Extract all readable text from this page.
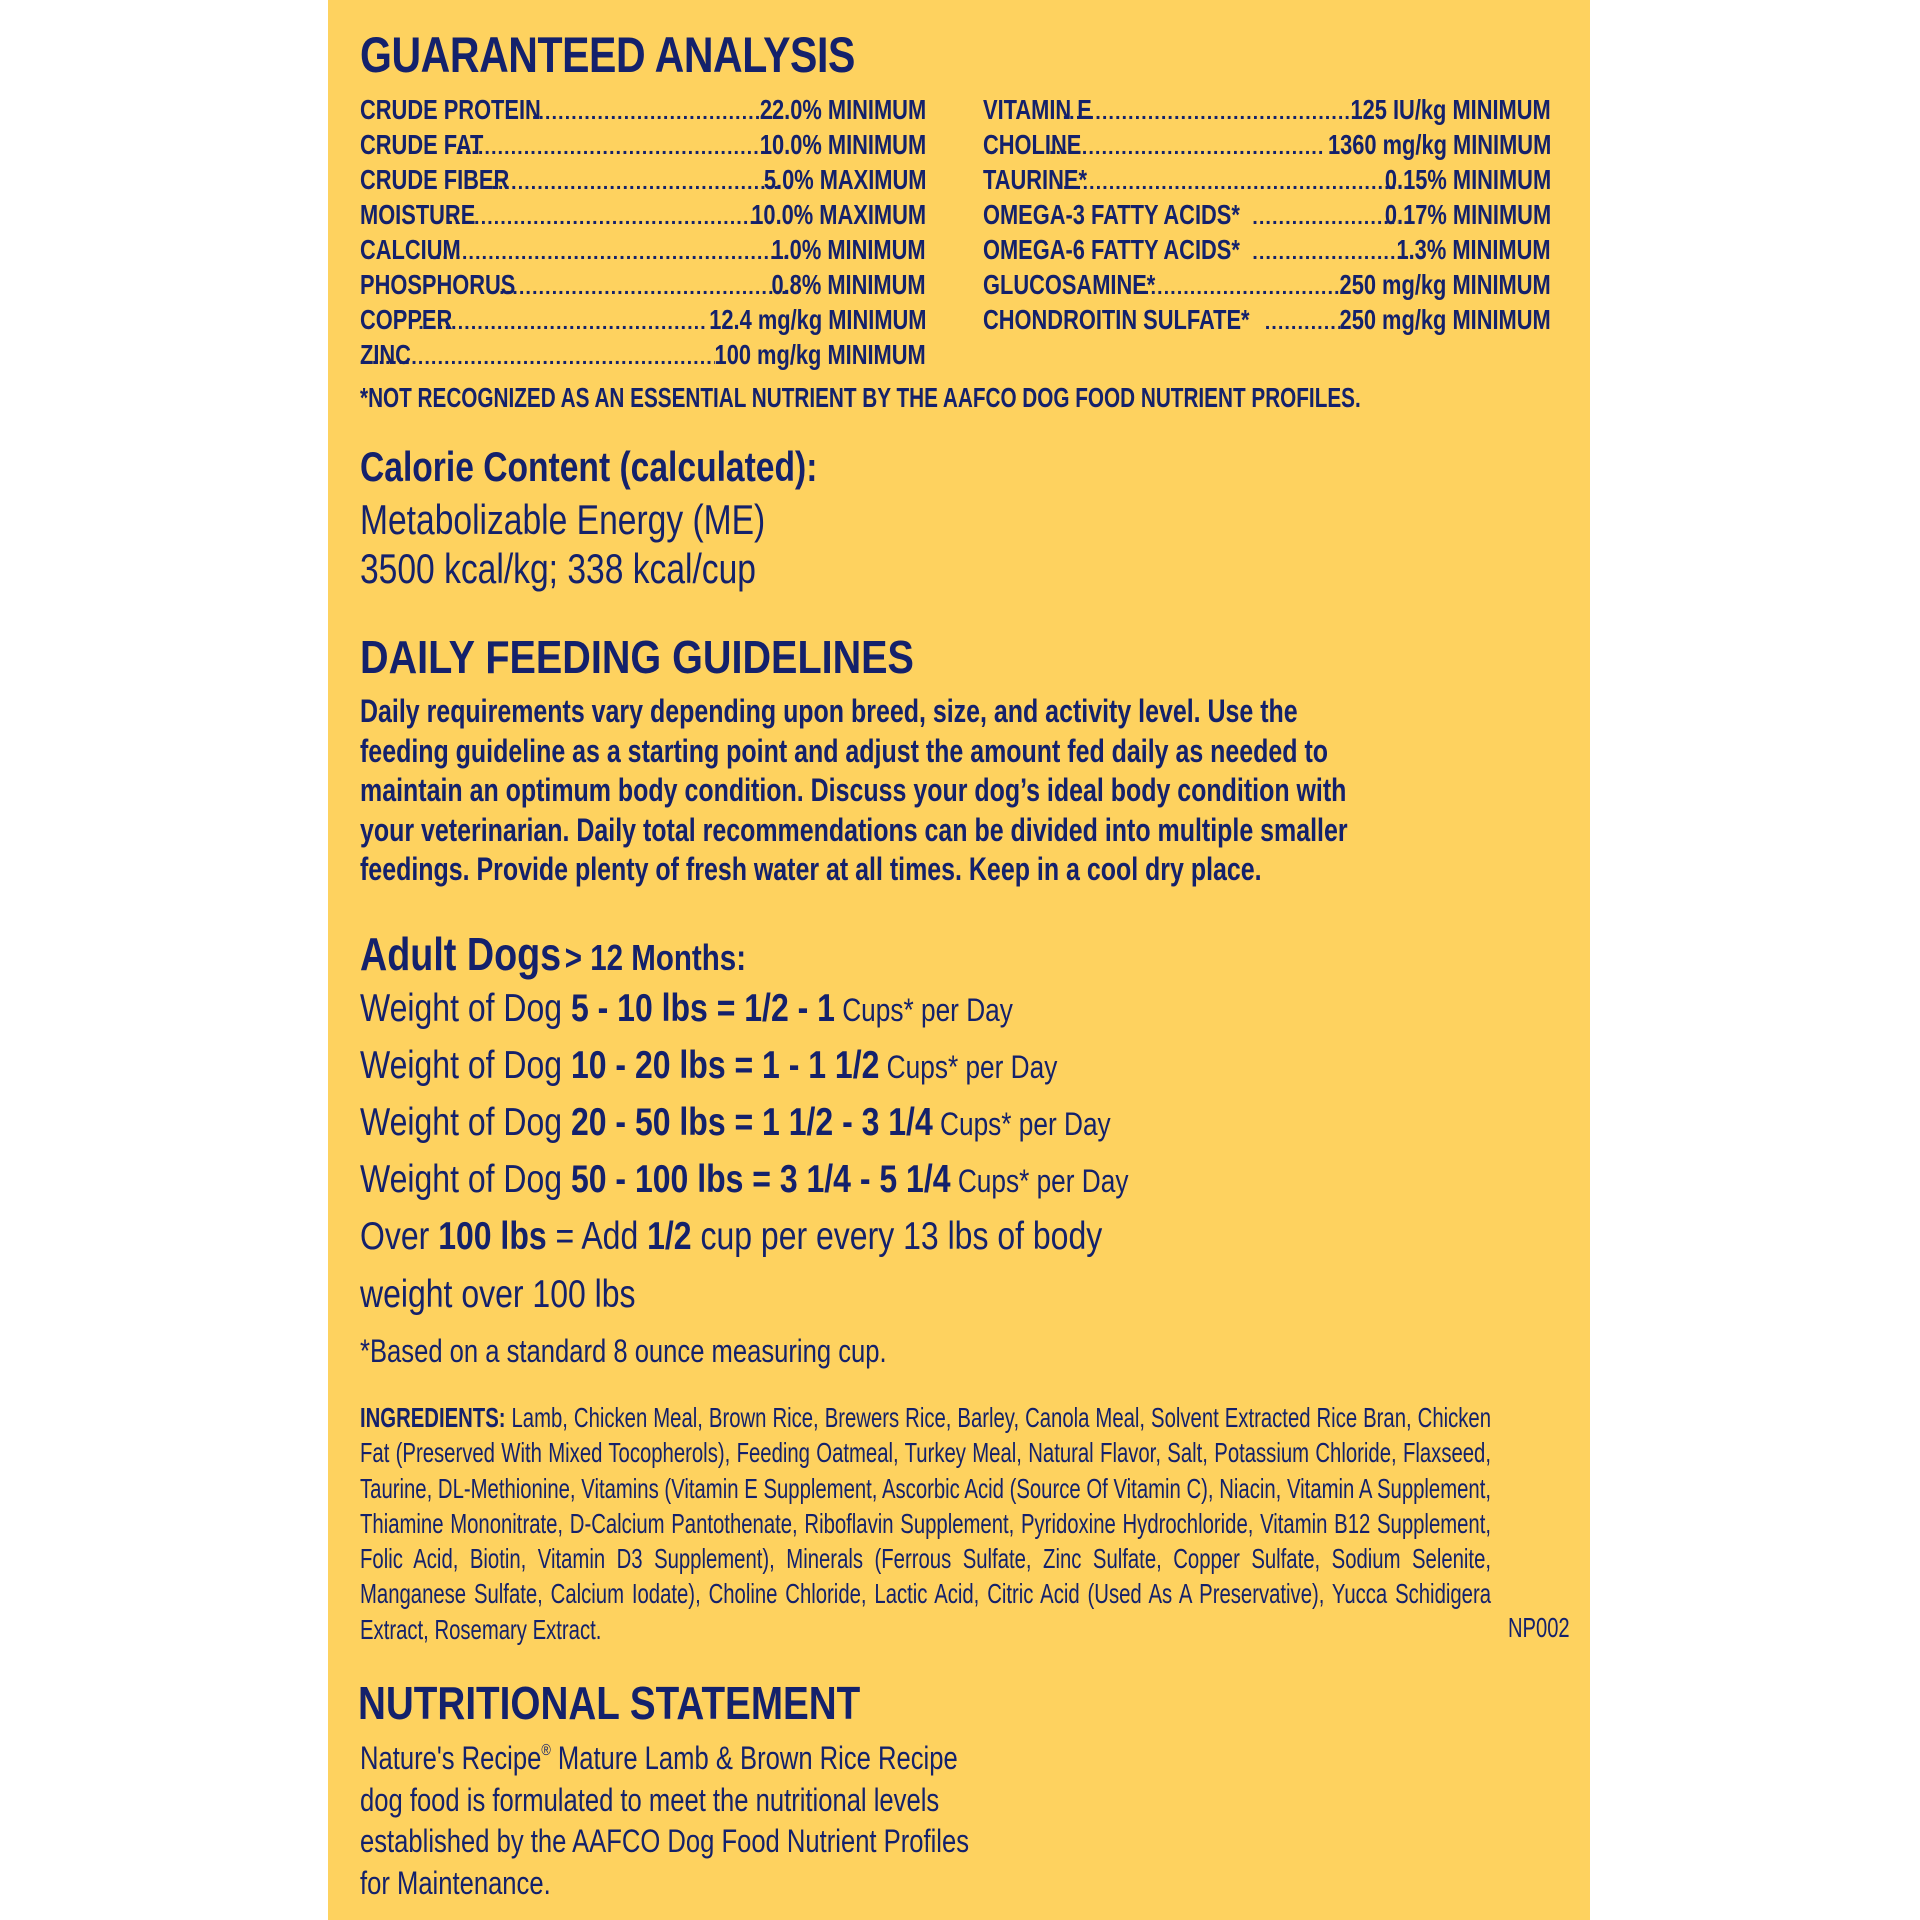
GUARANTEED ANALYSIS
CRUDE PROTEIN .....	22.0% MINIMUM
CRUDE FAT .....	10.0% MINIMUM
CRUDE FIBER .....	5.0% MAXIMUM
MOISTURE .....	10.0% MAXIMUM
CALCIUM .....	1.0% MINIMUM
PHOSPHORUS .....	0.8% MINIMUM
COPPER .....	12.4 mg/kg MINIMUM
ZINC .....	100 mg/kg MINIMUM
VITAMIN E .....	125 IU/kg MINIMUM
CHOLINE .....	1360 mg/kg MINIMUM
TAURINE* .....	0.15% MINIMUM
OMEGA-3 FATTY ACIDS* .....	0.17% MINIMUM
OMEGA-6 FATTY ACIDS* .....	1.3% MINIMUM
GLUCOSAMINE* .....	250 mg/kg MINIMUM
CHONDROITIN SULFATE* .....	250 mg/kg MINIMUM
*NOT RECOGNIZED AS AN ESSENTIAL NUTRIENT BY THE AAFCO DOG FOOD NUTRIENT PROFILES.
Calorie Content (calculated):
Metabolizable Energy (ME)
3500 kcal/kg; 338 kcal/cup
DAILY FEEDING GUIDELINES
Daily requirements vary depending upon breed, size, and activity level. Use the feeding guideline as a starting point and adjust the amount fed daily as needed to maintain an optimum body condition. Discuss your dog’s ideal body condition with your veterinarian. Daily total recommendations can be divided into multiple smaller feedings. Provide plenty of fresh water at all times. Keep in a cool dry place.
Adult Dogs > 12 Months:
Weight of Dog 5 - 10 lbs = 1/2 - 1 Cups* per Day
Weight of Dog 10 - 20 lbs = 1 - 1 1/2 Cups* per Day
Weight of Dog 20 - 50 lbs = 1 1/2 - 3 1/4 Cups* per Day
Weight of Dog 50 - 100 lbs = 3 1/4 - 5 1/4 Cups* per Day
Over 100 lbs = Add 1/2 cup per every 13 lbs of body
weight over 100 lbs
*Based on a standard 8 ounce measuring cup.
INGREDIENTS: Lamb, Chicken Meal, Brown Rice, Brewers Rice, Barley, Canola Meal, Solvent Extracted Rice Bran, Chicken Fat (Preserved With Mixed Tocopherols), Feeding Oatmeal, Turkey Meal, Natural Flavor, Salt, Potassium Chloride, Flaxseed, Taurine, DL-Methionine, Vitamins (Vitamin E Supplement, Ascorbic Acid (Source Of Vitamin C), Niacin, Vitamin A Supplement, Thiamine Mononitrate, D-Calcium Pantothenate, Riboflavin Supplement, Pyridoxine Hydrochloride, Vitamin B12 Supplement, Folic Acid, Biotin, Vitamin D3 Supplement), Minerals (Ferrous Sulfate, Zinc Sulfate, Copper Sulfate, Sodium Selenite, Manganese Sulfate, Calcium Iodate), Choline Chloride, Lactic Acid, Citric Acid (Used As A Preservative), Yucca Schidigera Extract, Rosemary Extract.	NP002
NUTRITIONAL STATEMENT
Nature's Recipe® Mature Lamb & Brown Rice Recipe
dog food is formulated to meet the nutritional levels
established by the AAFCO Dog Food Nutrient Profiles
for Maintenance.
